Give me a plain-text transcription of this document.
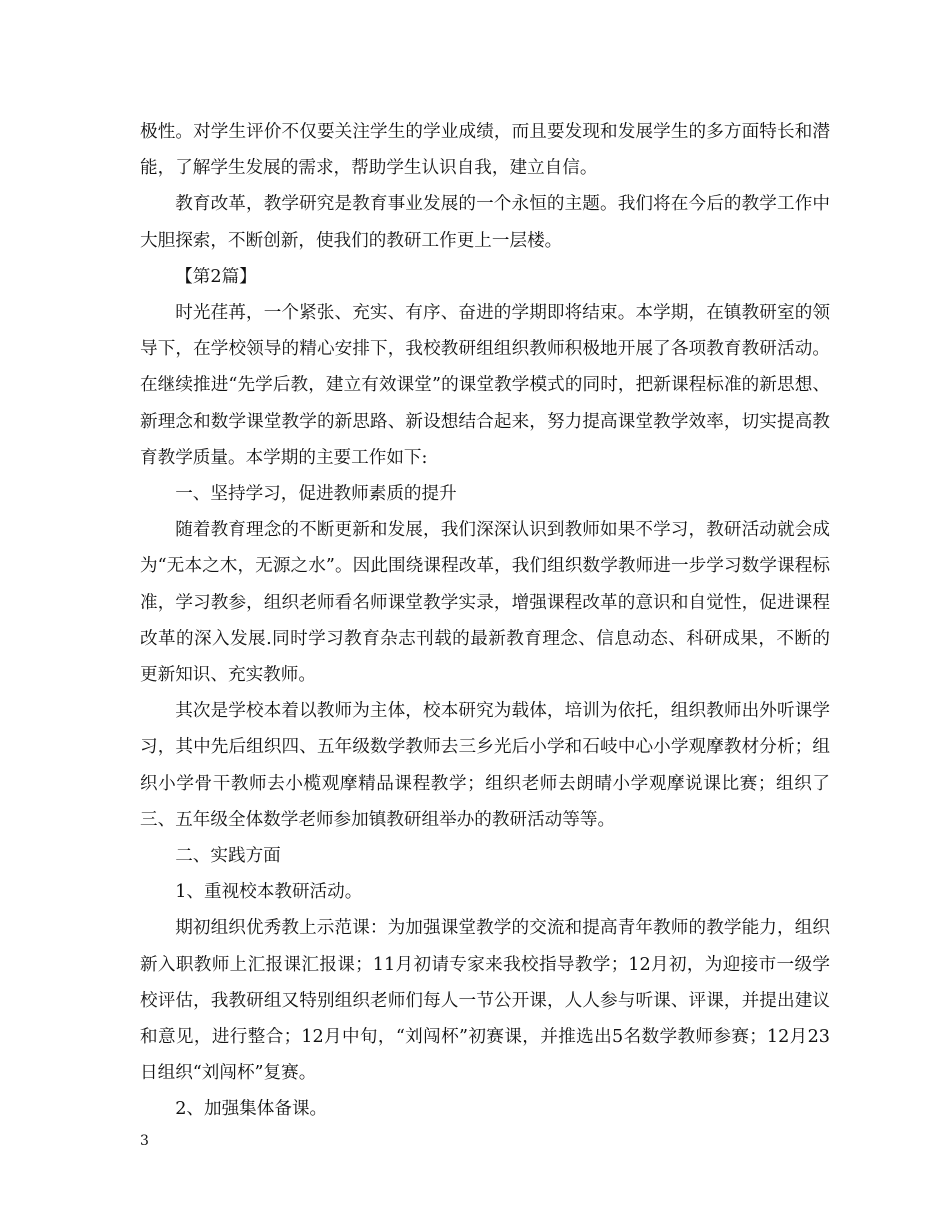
极性。对学生评价不仅要关注学生的学业成绩，而且要发现和发展学生的多方面特长和潜能，了解学生发展的需求，帮助学生认识自我，建立自信。

教育改革，教学研究是教育事业发展的一个永恒的主题。我们将在今后的教学工作中大胆探索，不断创新，使我们的教研工作更上一层楼。

【第2篇】

时光荏苒，一个紧张、充实、有序、奋进的学期即将结束。本学期，在镇教研室的领导下，在学校领导的精心安排下，我校教研组组织教师积极地开展了各项教育教研活动。在继续推进“先学后教，建立有效课堂”的课堂教学模式的同时，把新课程标准的新思想、新理念和数学课堂教学的新思路、新设想结合起来，努力提高课堂教学效率，切实提高教育教学质量。本学期的主要工作如下:

一、坚持学习，促进教师素质的提升

随着教育理念的不断更新和发展，我们深深认识到教师如果不学习，教研活动就会成为“无本之木，无源之水”。因此围绕课程改革，我们组织数学教师进一步学习数学课程标准，学习教参，组织老师看名师课堂教学实录，增强课程改革的意识和自觉性，促进课程改革的深入发展.同时学习教育杂志刊载的最新教育理念、信息动态、科研成果，不断的更新知识、充实教师。

其次是学校本着以教师为主体，校本研究为载体，培训为依托，组织教师出外听课学习，其中先后组织四、五年级数学教师去三乡光后小学和石岐中心小学观摩教材分析；组织小学骨干教师去小榄观摩精品课程教学；组织老师去朗晴小学观摩说课比赛；组织了三、五年级全体数学老师参加镇教研组举办的教研活动等等。

二、实践方面

1、重视校本教研活动。

期初组织优秀教上示范课：为加强课堂教学的交流和提高青年教师的教学能力，组织新入职教师上汇报课汇报课；11月初请专家来我校指导教学；12月初，为迎接市一级学校评估，我教研组又特别组织老师们每人一节公开课，人人参与听课、评课，并提出建议和意见，进行整合；12月中旬，“刘闯杯”初赛课，并推选出5名数学教师参赛；12月23日组织“刘闯杯”复赛。

2、加强集体备课。

3
